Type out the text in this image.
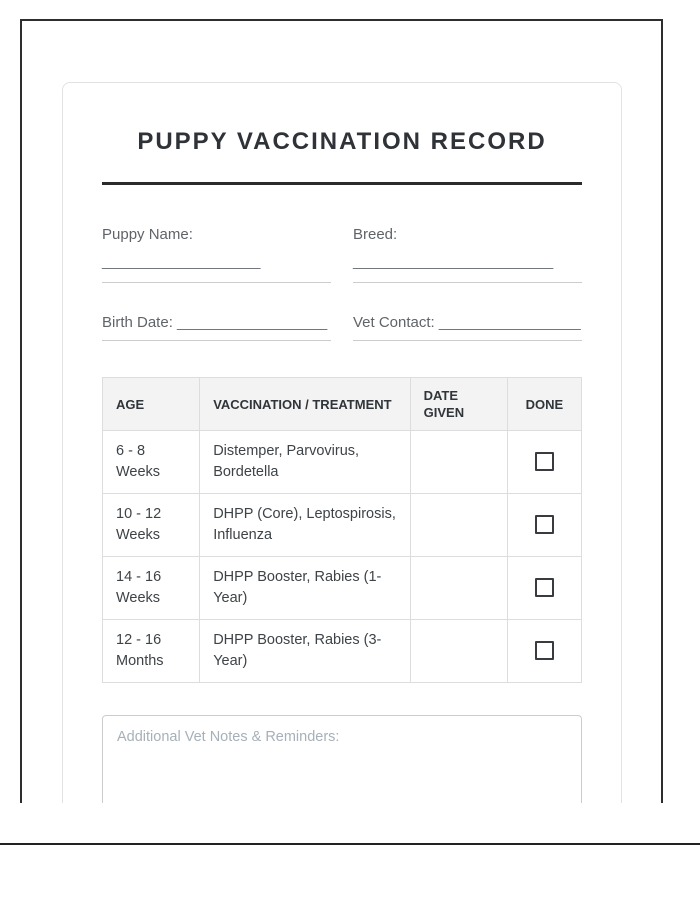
PUPPY VACCINATION RECORD
Puppy Name:
___________________
Breed:
________________________
Birth Date: __________________ Vet Contact: _________________
AGE	VACCINATION / TREATMENT	DATE GIVEN	DONE
6 - 8 Weeks	Distemper, Parvovirus, Bordetella		
10 - 12 Weeks	DHPP (Core), Leptospirosis, Influenza		
14 - 16 Weeks	DHPP Booster, Rabies (1-Year)		
12 - 16 Months	DHPP Booster, Rabies (3-Year)		
Additional Vet Notes & Reminders:
